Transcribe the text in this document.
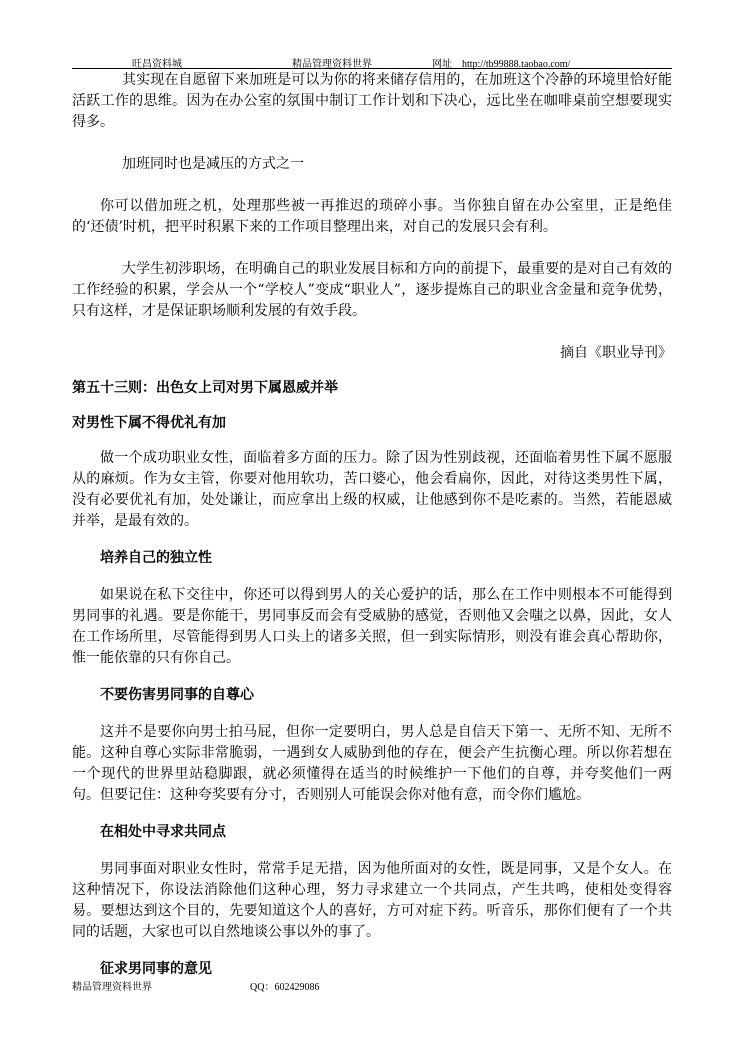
旺昌资料城	精品管理资料世界	网址　http://tb99888.taobao.com/

其实现在自愿留下来加班是可以为你的将来储存信用的，在加班这个冷静的环境里恰好能活跃工作的思维。因为在办公室的氛围中制订工作计划和下决心，远比坐在咖啡桌前空想要现实得多。

加班同时也是减压的方式之一

你可以借加班之机，处理那些被一再推迟的琐碎小事。当你独自留在办公室里，正是绝佳的‘还债’时机，把平时积累下来的工作项目整理出来，对自己的发展只会有利。

大学生初涉职场，在明确自己的职业发展目标和方向的前提下，最重要的是对自己有效的工作经验的积累，学会从一个“学校人”变成“职业人”，逐步提炼自己的职业含金量和竞争优势，只有这样，才是保证职场顺利发展的有效手段。

摘自《职业导刊》

第五十三则：出色女上司对男下属恩威并举

对男性下属不得优礼有加

做一个成功职业女性，面临着多方面的压力。除了因为性别歧视，还面临着男性下属不愿服从的麻烦。作为女主管，你要对他用软功，苦口婆心，他会看扁你，因此，对待这类男性下属，没有必要优礼有加，处处谦让，而应拿出上级的权威，让他感到你不是吃素的。当然，若能恩威并举，是最有效的。

培养自己的独立性

如果说在私下交往中，你还可以得到男人的关心爱护的话，那么在工作中则根本不可能得到男同事的礼遇。要是你能干，男同事反而会有受威胁的感觉，否则他又会嗤之以鼻，因此，女人在工作场所里，尽管能得到男人口头上的诸多关照，但一到实际情形，则没有谁会真心帮助你，惟一能依靠的只有你自己。

不要伤害男同事的自尊心

这并不是要你向男士拍马屁，但你一定要明白，男人总是自信天下第一、无所不知、无所不能。这种自尊心实际非常脆弱，一遇到女人威胁到他的存在，便会产生抗衡心理。所以你若想在一个现代的世界里站稳脚跟，就必须懂得在适当的时候维护一下他们的自尊，并夸奖他们一两句。但要记住：这种夸奖要有分寸，否则别人可能误会你对他有意，而令你们尴尬。

在相处中寻求共同点

男同事面对职业女性时，常常手足无措，因为他所面对的女性，既是同事，又是个女人。在这种情况下，你设法消除他们这种心理，努力寻求建立一个共同点，产生共鸣，使相处变得容易。要想达到这个目的，先要知道这个人的喜好，方可对症下药。听音乐，那你们便有了一个共同的话题，大家也可以自然地谈公事以外的事了。

征求男同事的意见

精品管理资料世界	QQ：602429086
